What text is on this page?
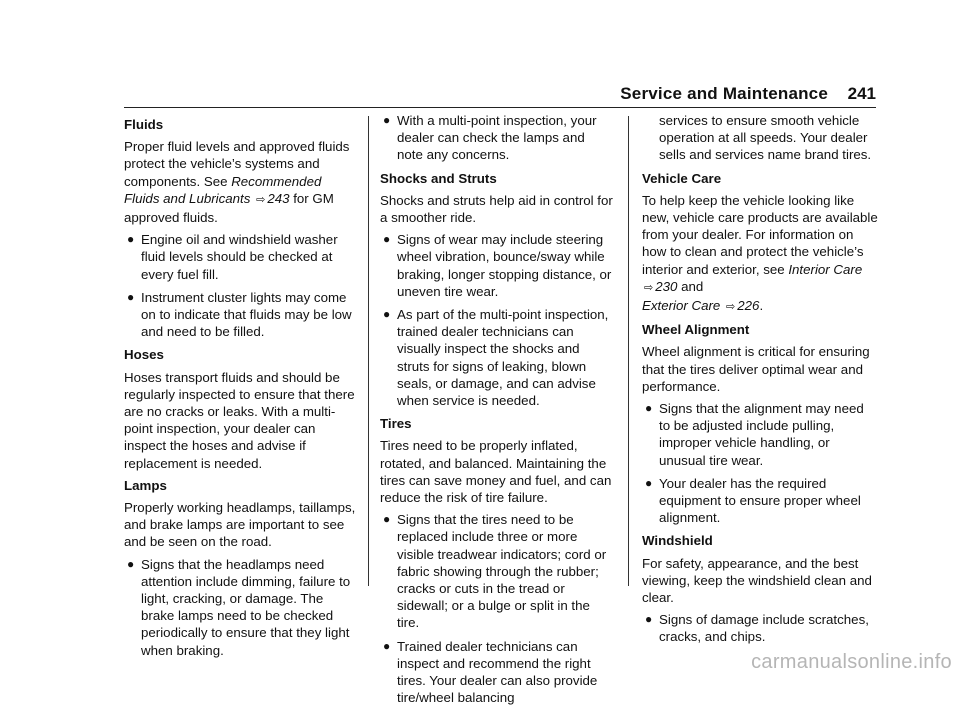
Service and Maintenance 241
Fluids

Proper fluid levels and approved fluids protect the vehicle’s systems and components. See Recommended Fluids and Lubricants ⇨ 243 for GM approved fluids.

● Engine oil and windshield washer fluid levels should be checked at every fuel fill.
● Instrument cluster lights may come on to indicate that fluids may be low and need to be filled.
Hoses

Hoses transport fluids and should be regularly inspected to ensure that there are no cracks or leaks. With a multi-point inspection, your dealer can inspect the hoses and advise if replacement is needed.

Lamps

Properly working headlamps, taillamps, and brake lamps are important to see and be seen on the road.

● Signs that the headlamps need attention include dimming, failure to light, cracking, or damage. The brake lamps need to be checked periodically to ensure that they light when braking.
● With a multi-point inspection, your dealer can check the lamps and note any concerns.
Shocks and Struts

Shocks and struts help aid in control for a smoother ride.

● Signs of wear may include steering wheel vibration, bounce/sway while braking, longer stopping distance, or uneven tire wear.
● As part of the multi-point inspection, trained dealer technicians can visually inspect the shocks and struts for signs of leaking, blown seals, or damage, and can advise when service is needed.
Tires

Tires need to be properly inflated, rotated, and balanced. Maintaining the tires can save money and fuel, and can reduce the risk of tire failure.

● Signs that the tires need to be replaced include three or more visible treadwear indicators; cord or fabric showing through the rubber; cracks or cuts in the tread or sidewall; or a bulge or split in the tire.
● Trained dealer technicians can inspect and recommend the right tires. Your dealer can also provide tire/wheel balancing

services to ensure smooth vehicle operation at all speeds. Your dealer sells and services name brand tires.

Vehicle Care

To help keep the vehicle looking like new, vehicle care products are available from your dealer. For information on how to clean and protect the vehicle’s interior and exterior, see Interior Care ⇨ 230 and
Exterior Care ⇨ 226.

Wheel Alignment

Wheel alignment is critical for ensuring that the tires deliver optimal wear and performance.

● Signs that the alignment may need to be adjusted include pulling, improper vehicle handling, or unusual tire wear.
● Your dealer has the required equipment to ensure proper wheel alignment.
Windshield

For safety, appearance, and the best viewing, keep the windshield clean and clear.

● Signs of damage include scratches, cracks, and chips.
carmanualsonline.info
